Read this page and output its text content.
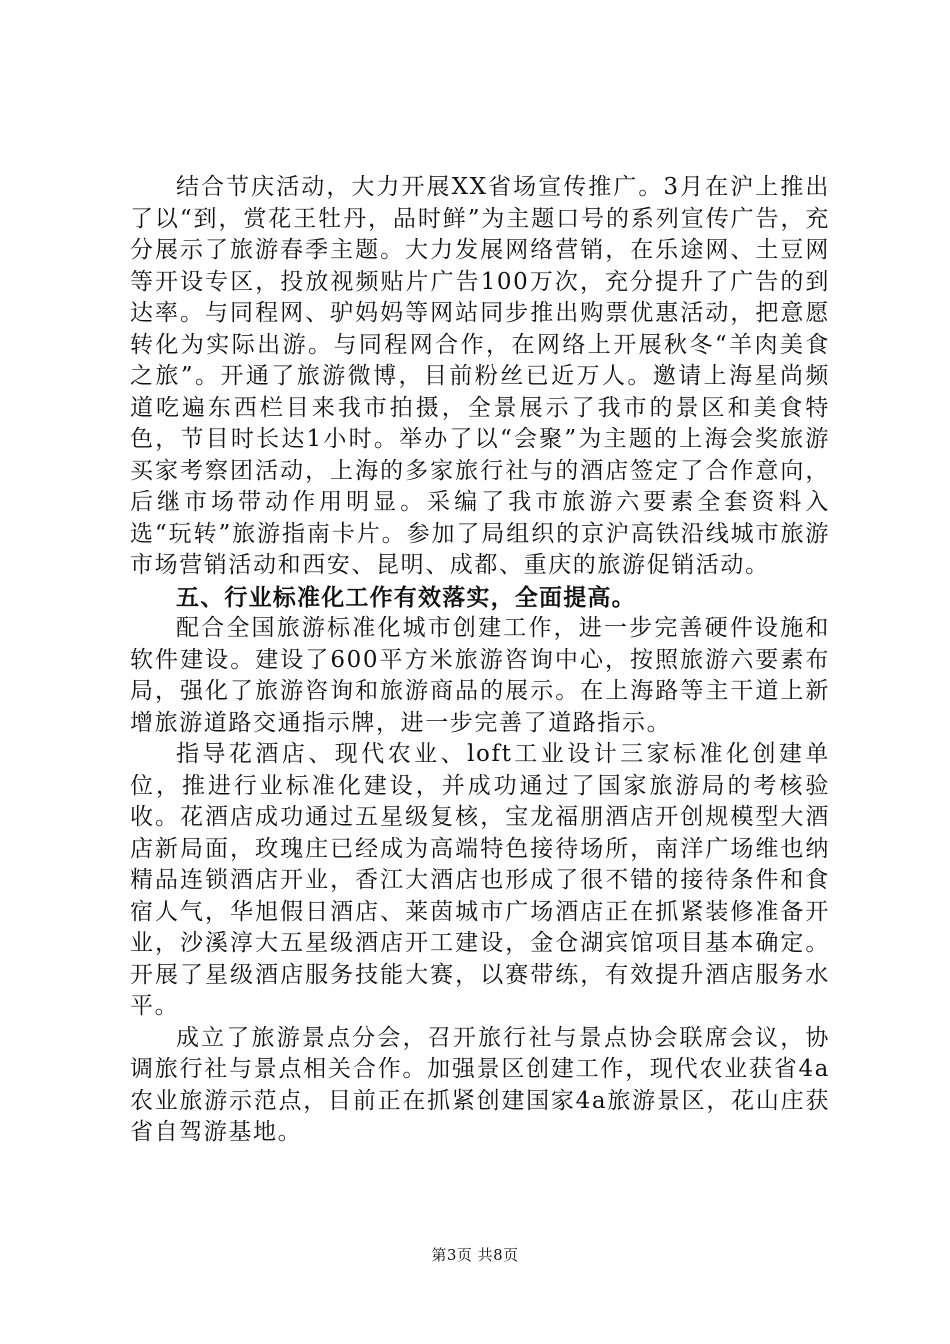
结合节庆活动，大力开展XX省场宣传推广。3月在沪上推出了以“到，赏花王牡丹，品时鲜”为主题口号的系列宣传广告，充分展示了旅游春季主题。大力发展网络营销，在乐途网、土豆网等开设专区，投放视频贴片广告100万次，充分提升了广告的到达率。与同程网、驴妈妈等网站同步推出购票优惠活动，把意愿转化为实际出游。与同程网合作，在网络上开展秋冬“羊肉美食之旅”。开通了旅游微博，目前粉丝已近万人。邀请上海星尚频道吃遍东西栏目来我市拍摄，全景展示了我市的景区和美食特色，节目时长达1小时。举办了以“会聚”为主题的上海会奖旅游买家考察团活动，上海的多家旅行社与的酒店签定了合作意向，后继市场带动作用明显。采编了我市旅游六要素全套资料入选“玩转”旅游指南卡片。参加了局组织的京沪高铁沿线城市旅游市场营销活动和西安、昆明、成都、重庆的旅游促销活动。

五、行业标准化工作有效落实，全面提高。

配合全国旅游标准化城市创建工作，进一步完善硬件设施和软件建设。建设了600平方米旅游咨询中心，按照旅游六要素布局，强化了旅游咨询和旅游商品的展示。在上海路等主干道上新增旅游道路交通指示牌，进一步完善了道路指示。

指导花酒店、现代农业、loft工业设计三家标准化创建单位，推进行业标准化建设，并成功通过了国家旅游局的考核验收。花酒店成功通过五星级复核，宝龙福朋酒店开创规模型大酒店新局面，玫瑰庄已经成为高端特色接待场所，南洋广场维也纳精品连锁酒店开业，香江大酒店也形成了很不错的接待条件和食宿人气，华旭假日酒店、莱茵城市广场酒店正在抓紧装修准备开业，沙溪淳大五星级酒店开工建设，金仓湖宾馆项目基本确定。开展了星级酒店服务技能大赛，以赛带练，有效提升酒店服务水平。

成立了旅游景点分会，召开旅行社与景点协会联席会议，协调旅行社与景点相关合作。加强景区创建工作，现代农业获省4a农业旅游示范点，目前正在抓紧创建国家4a旅游景区，花山庄获省自驾游基地。

第3页 共8页
